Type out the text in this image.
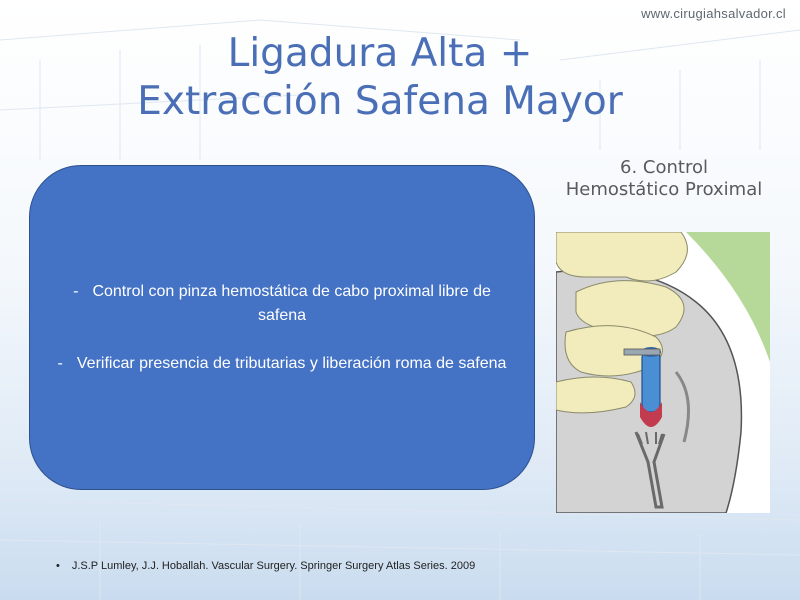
www.cirugiahsalvador.cl
Ligadura Alta +
Extracción Safena Mayor

- Control con pinza hemostática de cabo proximal libre de safena

- Verificar presencia de tributarias y liberación roma de safena

6. Control
Hemostático Proximal
• J.S.P Lumley, J.J. Hoballah. Vascular Surgery. Springer Surgery Atlas Series. 2009
